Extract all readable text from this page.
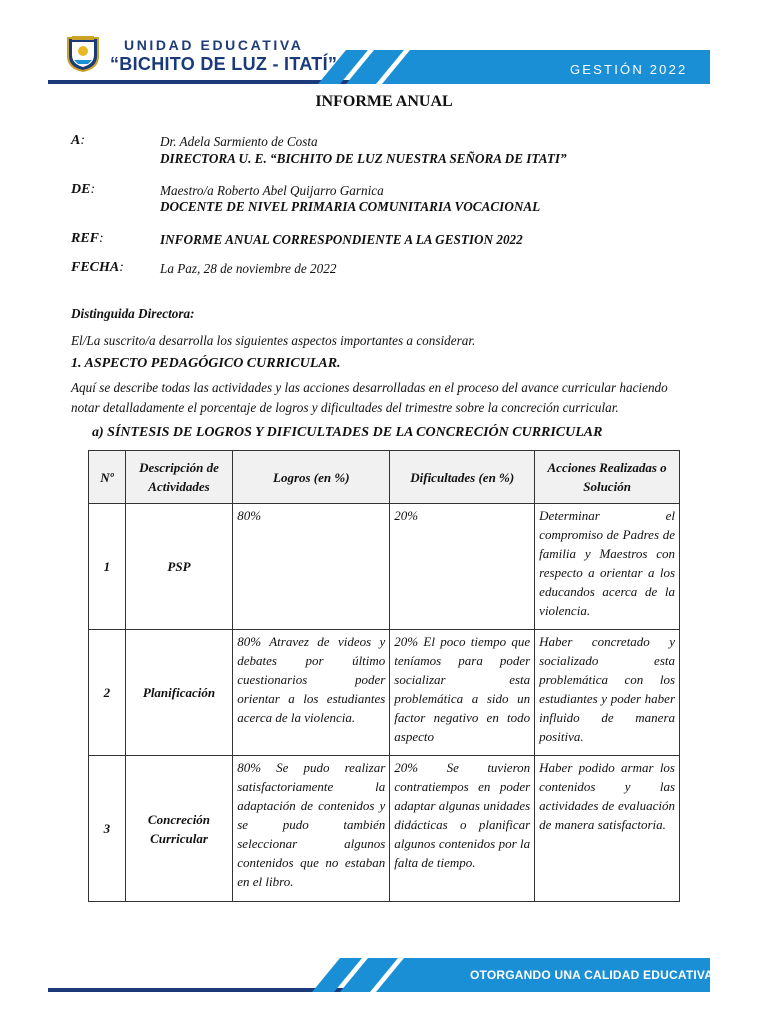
UNIDAD EDUCATIVA
“BICHITO DE LUZ - ITATÍ”	GESTIÓN 2022
INFORME ANUAL
A:	Dr. Adela Sarmiento de Costa
DIRECTORA U. E. “BICHITO DE LUZ NUESTRA SEÑORA DE ITATI”
DE:	Maestro/a Roberto Abel Quijarro Garnica
DOCENTE DE NIVEL PRIMARIA COMUNITARIA VOCACIONAL
REF:	INFORME ANUAL CORRESPONDIENTE A LA GESTION 2022
FECHA:	La Paz, 28 de noviembre de 2022
Distinguida Directora:
El/La suscrito/a desarrolla los siguientes aspectos importantes a considerar.
1. ASPECTO PEDAGÓGICO CURRICULAR.
Aquí se describe todas las actividades y las acciones desarrolladas en el proceso del avance curricular haciendo
notar detalladamente el porcentaje de logros y dificultades del trimestre sobre la concreción curricular.
a) SÍNTESIS DE LOGROS Y DIFICULTADES DE LA CONCRECIÓN CURRICULAR
Nº	Descripción de Actividades	Logros (en %)	Dificultades (en %)	Acciones Realizadas o Solución
1	PSP	80%	20%	Determinar el compromiso de Padres de familia y Maestros con respecto a orientar a los educandos acerca de la violencia.
2	Planificación	80% Atravez de videos y debates por último cuestionarios poder orientar a los estudiantes acerca de la violencia.	20% El poco tiempo que teníamos para poder socializar esta problemática a sido un factor negativo en todo aspecto	Haber concretado y socializado esta problemática con los estudiantes y poder haber influido de manera positiva.
3	Concreción Curricular	80% Se pudo realizar satisfactoriamente la adaptación de contenidos y se pudo también seleccionar algunos contenidos que no estaban en el libro.	20% Se tuvieron contratiempos en poder adaptar algunas unidades didácticas o planificar algunos contenidos por la falta de tiempo.	Haber podido armar los contenidos y las actividades de evaluación de manera satisfactoria.
OTORGANDO UNA CALIDAD EDUCATIVA
